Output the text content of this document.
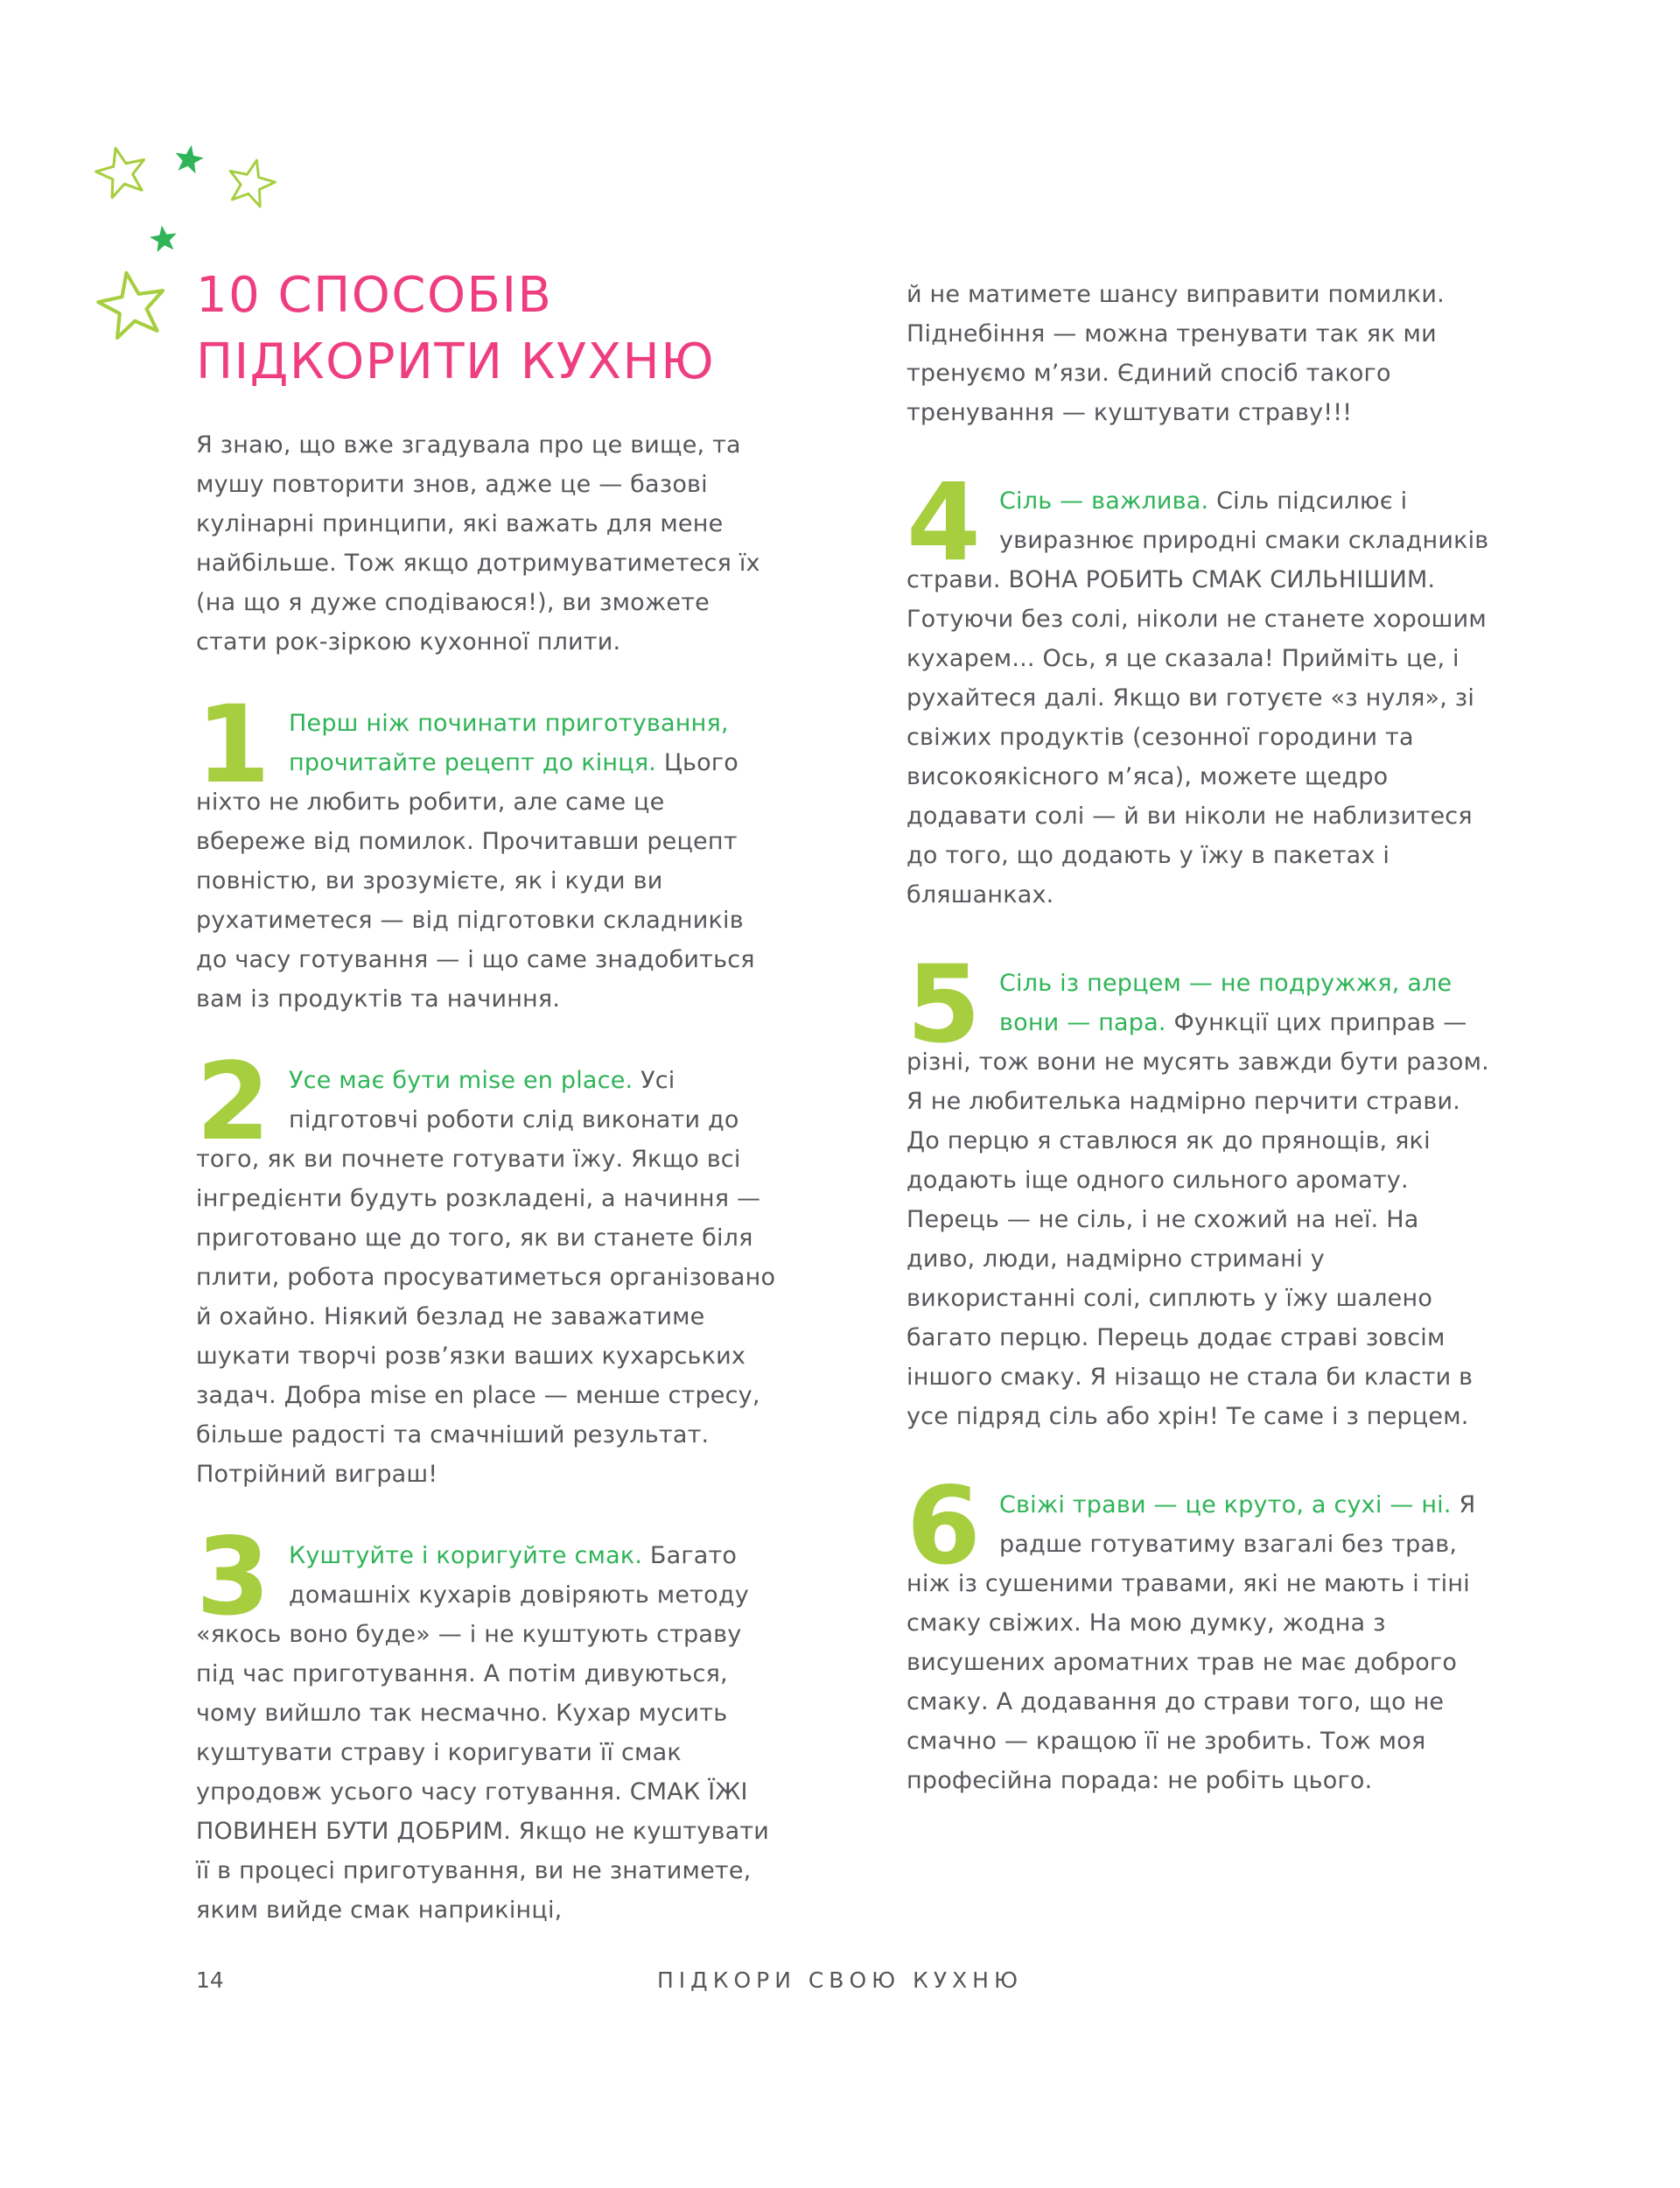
10 СПОСОБІВ
ПІДКОРИТИ КУХНЮ

Я знаю, що вже згадувала про це вище, та мушу повторити знов, адже це — базові кулінарні принципи, які важать для мене найбільше. Тож якщо дотримуватиметеся їх (на що я дуже сподіваюся!), ви зможете стати рок-зіркою кухонної плити.

1 Перш ніж починати приготування, прочитайте рецепт до кінця. Цього ніхто не любить робити, але саме це вбереже від помилок. Прочитавши рецепт повністю, ви зрозумієте, як і куди ви рухатиметеся — від підготовки складників до часу готування — і що саме знадобиться вам із продуктів та начиння.

2 Усе має бути mise en place. Усі підготовчі роботи слід виконати до того, як ви почнете готувати їжу. Якщо всі інгредієнти будуть розкладені, а начиння — приготовано ще до того, як ви станете біля плити, робота просуватиметься організовано й охайно. Ніякий безлад не заважатиме шукати творчі розв’язки ваших кухарських задач. Добра mise en place — менше стресу, більше радості та смачніший результат. Потрійний виграш!

3 Куштуйте і коригуйте смак. Багато домашніх кухарів довіряють методу «якось воно буде» — і не куштують страву під час приготування. А потім дивуються, чому вийшло так несмачно. Кухар мусить куштувати страву і коригувати її смак упродовж усього часу готування. СМАК ЇЖІ ПОВИНЕН БУТИ ДОБРИМ. Якщо не куштувати її в процесі приготування, ви не знатимете, яким вийде смак наприкінці,

й не матимете шансу виправити помилки. Піднебіння — можна тренувати так як ми тренуємо м’язи. Єдиний спосіб такого тренування — куштувати страву!!!

4 Сіль — важлива. Сіль підсилює і увиразнює природні смаки складників страви. ВОНА РОБИТЬ СМАК СИЛЬНІШИМ. Готуючи без солі, ніколи не станете хорошим кухарем... Ось, я це сказала! Прийміть це, і рухайтеся далі. Якщо ви готуєте «з нуля», зі свіжих продуктів (сезонної городини та високоякісного м’яса), можете щедро додавати солі — й ви ніколи не наблизитеся до того, що додають у їжу в пакетах і бляшанках.

5 Сіль із перцем — не подружжя, але вони — пара. Функції цих приправ — різні, тож вони не мусять завжди бути разом. Я не любителька надмірно перчити страви. До перцю я ставлюся як до прянощів, які додають іще одного сильного аромату. Перець — не сіль, і не схожий на неї. На диво, люди, надмірно стримані у використанні солі, сиплють у їжу шалено багато перцю. Перець додає страві зовсім іншого смаку. Я нізащо не стала би класти в усе підряд сіль або хрін! Те саме і з перцем.

6 Свіжі трави — це круто, а сухі — ні. Я радше готуватиму взагалі без трав, ніж із сушеними травами, які не мають і тіні смаку свіжих. На мою думку, жодна з висушених ароматних трав не має доброго смаку. А додавання до страви того, що не смачно — кращою її не зробить. Тож моя професійна порада: не робіть цього.

14	ПІДКОРИ СВОЮ КУХНЮ
